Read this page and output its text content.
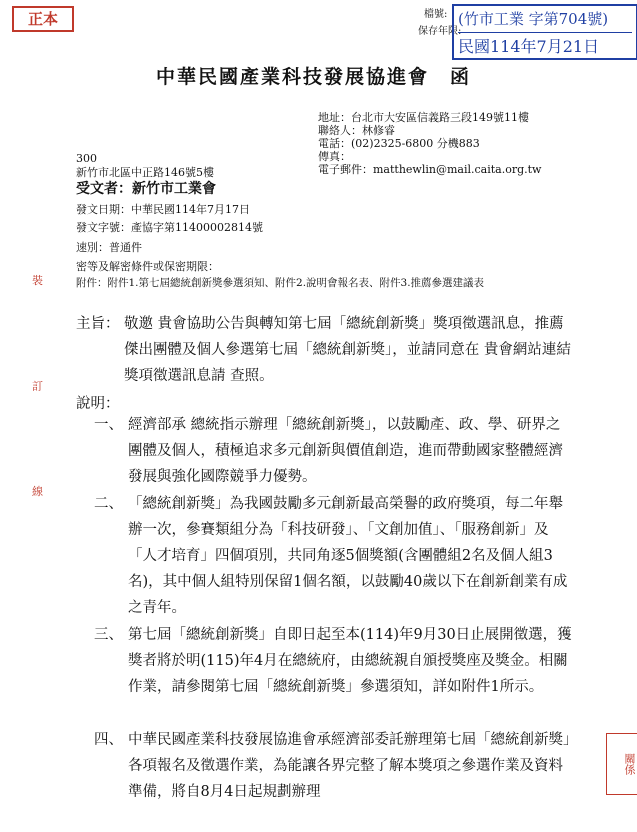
正本	檔號:
保存年限:
(竹市工業 字第704號)
民國114年7月21日
中華民國產業科技發展協進會　函
地址：台北市大安區信義路三段149號11樓
聯絡人：林修睿
電話：(02)2325-6800 分機883
傳真：
電子郵件：matthewlin@mail.caita.org.tw
300
新竹市北區中正路146號5樓
受文者：新竹市工業會
發文日期：中華民國114年7月17日
發文字號：產協字第11400002814號
速別：普通件
密等及解密條件或保密期限：
附件：附件1.第七屆總統創新獎參選須知、附件2.說明會報名表、附件3.推薦參選建議表
裝
訂
線
主旨： 敬邀 貴會協助公告與轉知第七屆「總統創新獎」獎項徵選訊息，推薦傑出團體及個人參選第七屆「總統創新獎」，並請同意在 貴會網站連結獎項徵選訊息請 查照。
說明：
一、 經濟部承 總統指示辦理「總統創新獎」，以鼓勵產、政、學、研界之團體及個人，積極追求多元創新與價值創造，進而帶動國家整體經濟發展與強化國際競爭力優勢。
二、 「總統創新獎」為我國鼓勵多元創新最高榮譽的政府獎項，每二年舉辦一次，參賽類組分為「科技研發」、「文創加值」、「服務創新」及「人才培育」四個項別，共同角逐5個獎額(含團體組2名及個人組3名)，其中個人組特別保留1個名額，以鼓勵40歲以下在創新創業有成之青年。
三、 第七屆「總統創新獎」自即日起至本(114)年9月30日止展開徵選，獲獎者將於明(115)年4月在總統府，由總統親自頒授獎座及獎金。相關作業，請參閱第七屆「總統創新獎」參選須知，詳如附件1所示。
四、 中華民國產業科技發展協進會承經濟部委託辦理第七屆「總統創新獎」各項報名及徵選作業，為能讓各界完整了解本獎項之參選作業及資料準備，將自8月4日起規劃辦理
關係
